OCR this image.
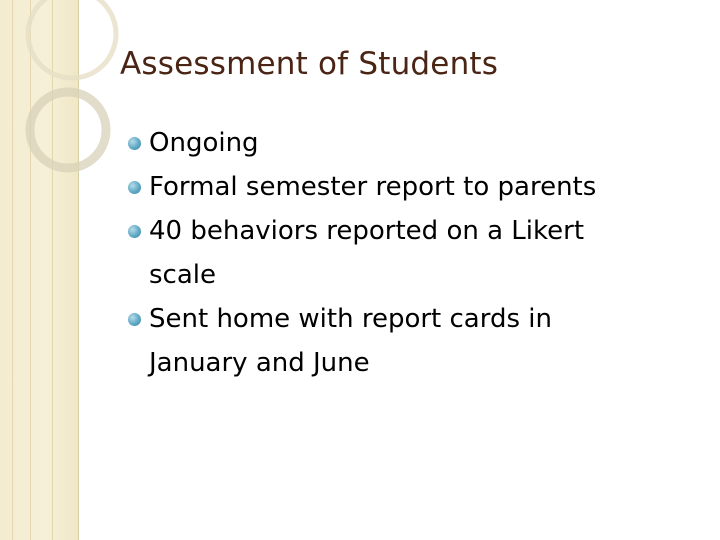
Assessment of Students
Ongoing
Formal semester report to parents
40 behaviors reported on a Likert
scale
Sent home with report cards in
January and June
